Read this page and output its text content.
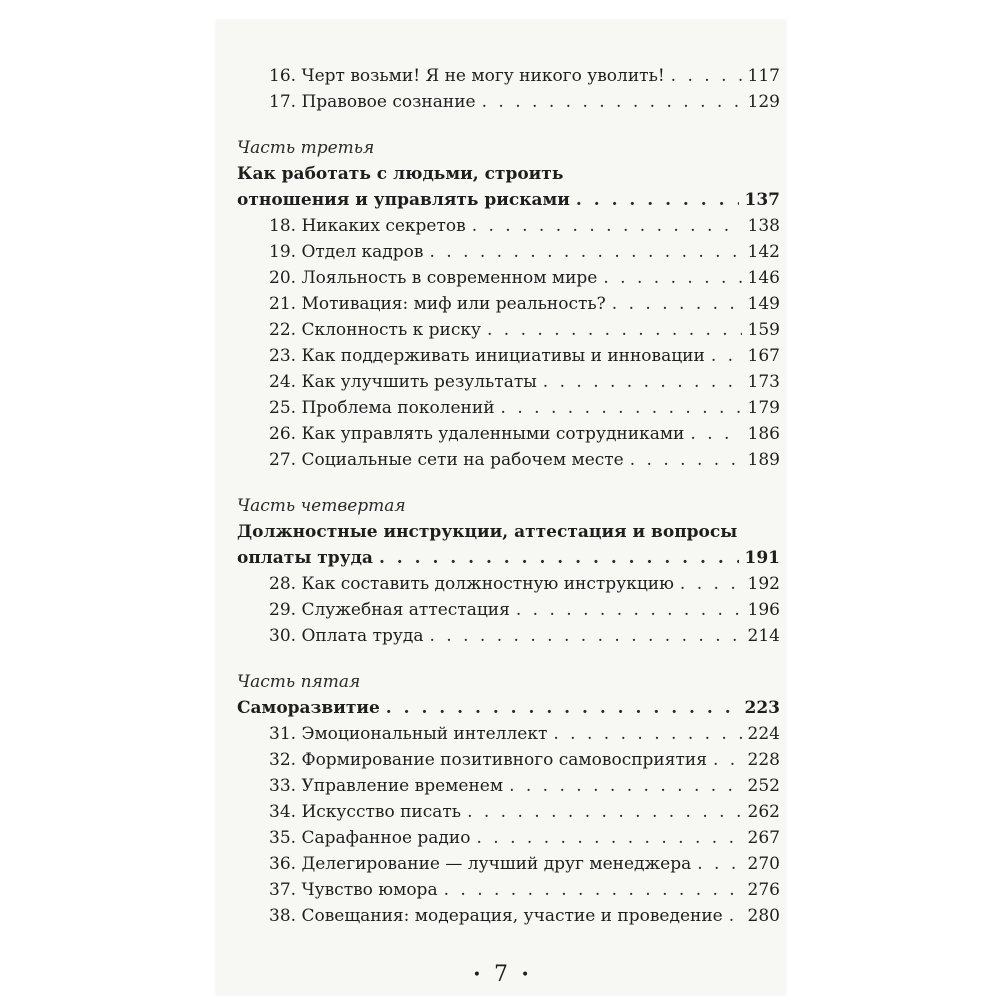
16. Черт возьми! Я не могу никого уволить! . . .	117
17. Правовое сознание . . .	129
Часть третья
Как работать с людьми, строить
отношения и управлять рисками . . .	137
18. Никаких секретов . . .	138
19. Отдел кадров . . .	142
20. Лояльность в современном мире . . .	146
21. Мотивация: миф или реальность? . . .	149
22. Склонность к риску . . .	159
23. Как поддерживать инициативы и инновации . . .	167
24. Как улучшить результаты . . .	173
25. Проблема поколений . . .	179
26. Как управлять удаленными сотрудниками . . .	186
27. Социальные сети на рабочем месте . . .	189
Часть четвертая
Должностные инструкции, аттестация и вопросы
оплаты труда . . .	191
28. Как составить должностную инструкцию . . .	192
29. Служебная аттестация . . .	196
30. Оплата труда . . .	214
Часть пятая
Саморазвитие . . .	223
31. Эмоциональный интеллект . . .	224
32. Формирование позитивного самовосприятия . . . 228
33. Управление временем . . .	252
34. Искусство писать . . .	262
35. Сарафанное радио . . .	267
36. Делегирование — лучший друг менеджера . . .	270
37. Чувство юмора . . .	276
38. Совещания: модерация, участие и проведение . . . 280
• 7 •
